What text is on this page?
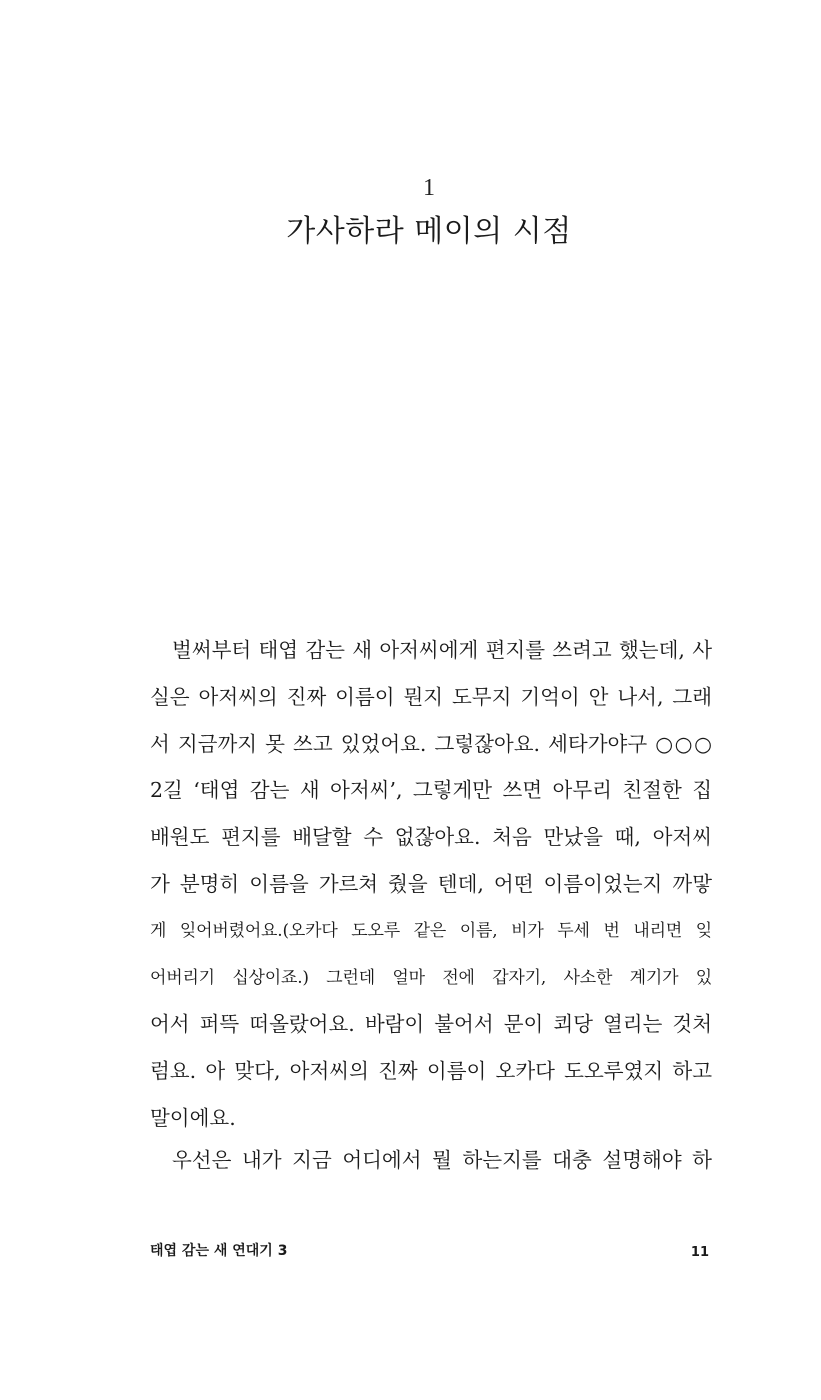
1
가사하라 메이의 시점
벌써부터 태엽 감는 새 아저씨에게 편지를 쓰려고 했는데, 사
실은 아저씨의 진짜 이름이 뭔지 도무지 기억이 안 나서, 그래
서 지금까지 못 쓰고 있었어요. 그렇잖아요. 세타가야구 ○○○
2길 ‘태엽 감는 새 아저씨’, 그렇게만 쓰면 아무리 친절한 집
배원도 편지를 배달할 수 없잖아요. 처음 만났을 때, 아저씨
가 분명히 이름을 가르쳐 줬을 텐데, 어떤 이름이었는지 까맣
게 잊어버렸어요.(오카다 도오루 같은 이름, 비가 두세 번 내리면 잊
어버리기 십상이죠.) 그런데 얼마 전에 갑자기, 사소한 계기가 있
어서 퍼뜩 떠올랐어요. 바람이 불어서 문이 쾨당 열리는 것처
럼요. 아 맞다, 아저씨의 진짜 이름이 오카다 도오루였지 하고
말이에요.
우선은 내가 지금 어디에서 뭘 하는지를 대충 설명해야 하
태엽 감는 새 연대기 3	11
